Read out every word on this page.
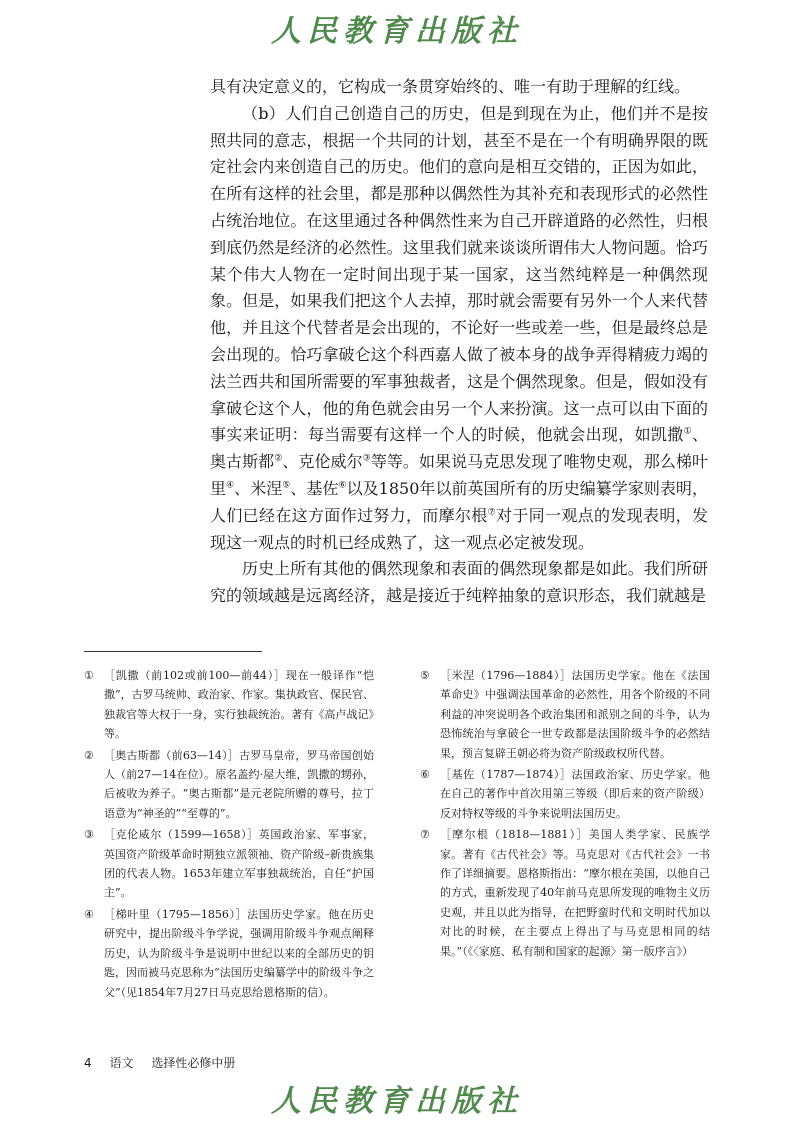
人民教育出版社

具有决定意义的，它构成一条贯穿始终的、唯一有助于理解的红线。

（b）人们自己创造自己的历史，但是到现在为止，他们并不是按照共同的意志，根据一个共同的计划，甚至不是在一个有明确界限的既定社会内来创造自己的历史。他们的意向是相互交错的，正因为如此，在所有这样的社会里，都是那种以偶然性为其补充和表现形式的必然性占统治地位。在这里通过各种偶然性来为自己开辟道路的必然性，归根到底仍然是经济的必然性。这里我们就来谈谈所谓伟大人物问题。恰巧某个伟大人物在一定时间出现于某一国家，这当然纯粹是一种偶然现象。但是，如果我们把这个人去掉，那时就会需要有另外一个人来代替他，并且这个代替者是会出现的，不论好一些或差一些，但是最终总是会出现的。恰巧拿破仑这个科西嘉人做了被本身的战争弄得精疲力竭的法兰西共和国所需要的军事独裁者，这是个偶然现象。但是，假如没有拿破仑这个人，他的角色就会由另一个人来扮演。这一点可以由下面的事实来证明：每当需要有这样一个人的时候，他就会出现，如凯撒①、奥古斯都②、克伦威尔③等等。如果说马克思发现了唯物史观，那么梯叶里④、米涅⑤、基佐⑥以及1850年以前英国所有的历史编纂学家则表明，人们已经在这方面作过努力，而摩尔根⑦对于同一观点的发现表明，发现这一观点的时机已经成熟了，这一观点必定被发现。

历史上所有其他的偶然现象和表面的偶然现象都是如此。我们所研究的领域越是远离经济，越是接近于纯粹抽象的意识形态，我们就越是

① ［凯撒（前102或前100—前44）］现在一般译作“恺撒”，古罗马统帅、政治家、作家。集执政官、保民官、独裁官等大权于一身，实行独裁统治。著有《高卢战记》等。
② ［奥古斯都（前63—14）］古罗马皇帝，罗马帝国创始人（前27—14在位）。原名盖约·屋大维，凯撒的甥孙，后被收为养子。“奥古斯都”是元老院所赠的尊号，拉丁语意为“神圣的”“至尊的”。
③ ［克伦威尔（1599—1658）］英国政治家、军事家，英国资产阶级革命时期独立派领袖、资产阶级–新贵族集团的代表人物。1653年建立军事独裁统治，自任“护国主”。
④ ［梯叶里（1795—1856）］法国历史学家。他在历史研究中，提出阶级斗争学说，强调用阶级斗争观点阐释历史，认为阶级斗争是说明中世纪以来的全部历史的钥匙，因而被马克思称为“法国历史编纂学中的阶级斗争之父”（见1854年7月27日马克思给恩格斯的信）。
⑤ ［米涅（1796—1884）］法国历史学家。他在《法国革命史》中强调法国革命的必然性，用各个阶级的不同利益的冲突说明各个政治集团和派别之间的斗争，认为恐怖统治与拿破仑一世专政都是法国阶级斗争的必然结果，预言复辟王朝必将为资产阶级政权所代替。
⑥ ［基佐（1787—1874）］法国政治家、历史学家。他在自己的著作中首次用第三等级（即后来的资产阶级）反对特权等级的斗争来说明法国历史。
⑦ ［摩尔根（1818—1881）］美国人类学家、民族学家。著有《古代社会》等。马克思对《古代社会》一书作了详细摘要。恩格斯指出：“摩尔根在美国，以他自己的方式，重新发现了40年前马克思所发现的唯物主义历史观，并且以此为指导，在把野蛮时代和文明时代加以对比的时候，在主要点上得出了与马克思相同的结果。”（《〈家庭、私有制和国家的起源〉第一版序言》）
4 语文 选择性必修中册
人民教育出版社
